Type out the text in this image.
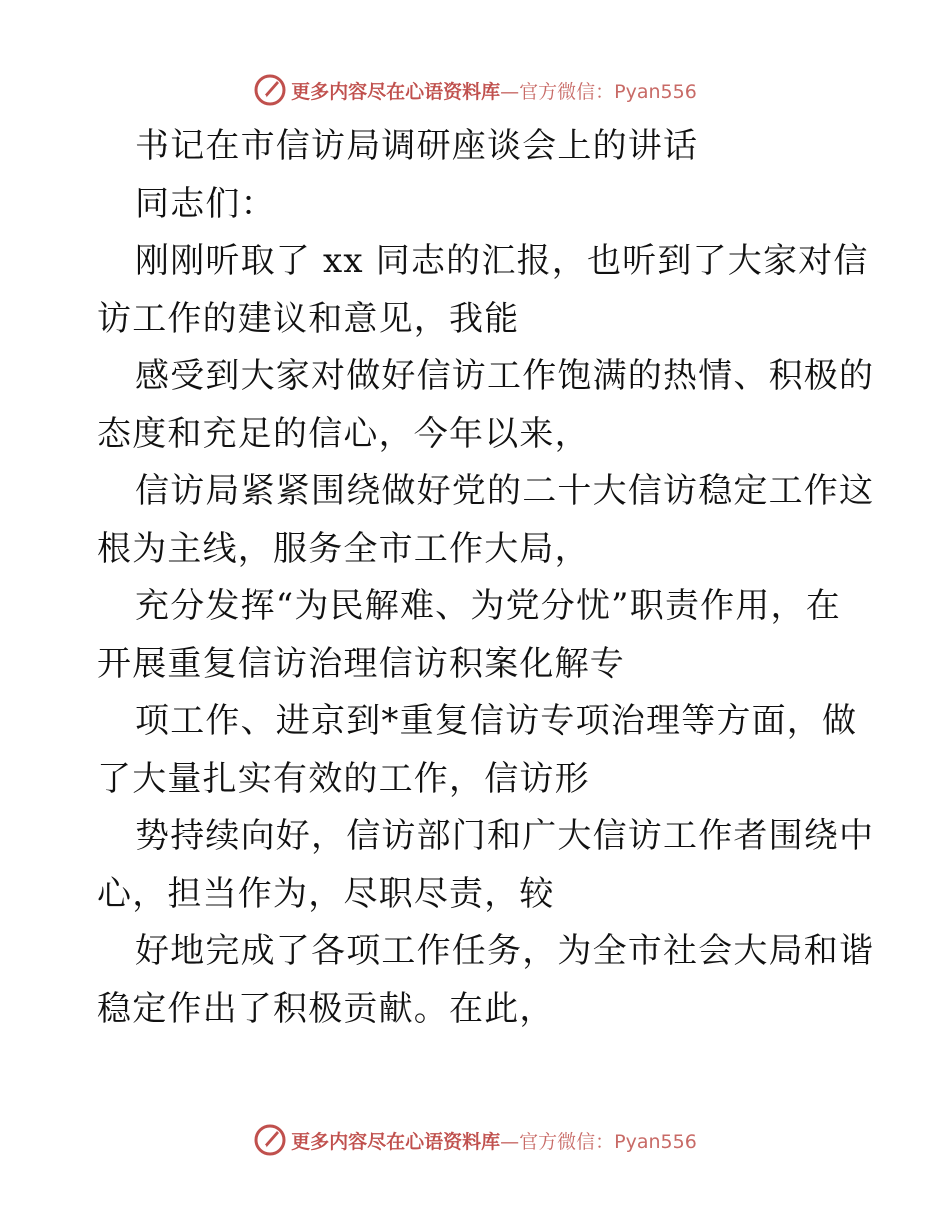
更多内容尽在心语资料库—官方微信：Pyan556
书记在市信访局调研座谈会上的讲话
同志们：
刚刚听取了 xx 同志的汇报，也听到了大家对信
访工作的建议和意见，我能
感受到大家对做好信访工作饱满的热情、积极的
态度和充足的信心，今年以来，
信访局紧紧围绕做好党的二十大信访稳定工作这
根为主线，服务全市工作大局，
充分发挥“为民解难、为党分忧”职责作用，在
开展重复信访治理信访积案化解专
项工作、进京到*重复信访专项治理等方面，做
了大量扎实有效的工作，信访形
势持续向好，信访部门和广大信访工作者围绕中
心，担当作为，尽职尽责，较
好地完成了各项工作任务，为全市社会大局和谐
稳定作出了积极贡献。在此，
更多内容尽在心语资料库—官方微信：Pyan556
